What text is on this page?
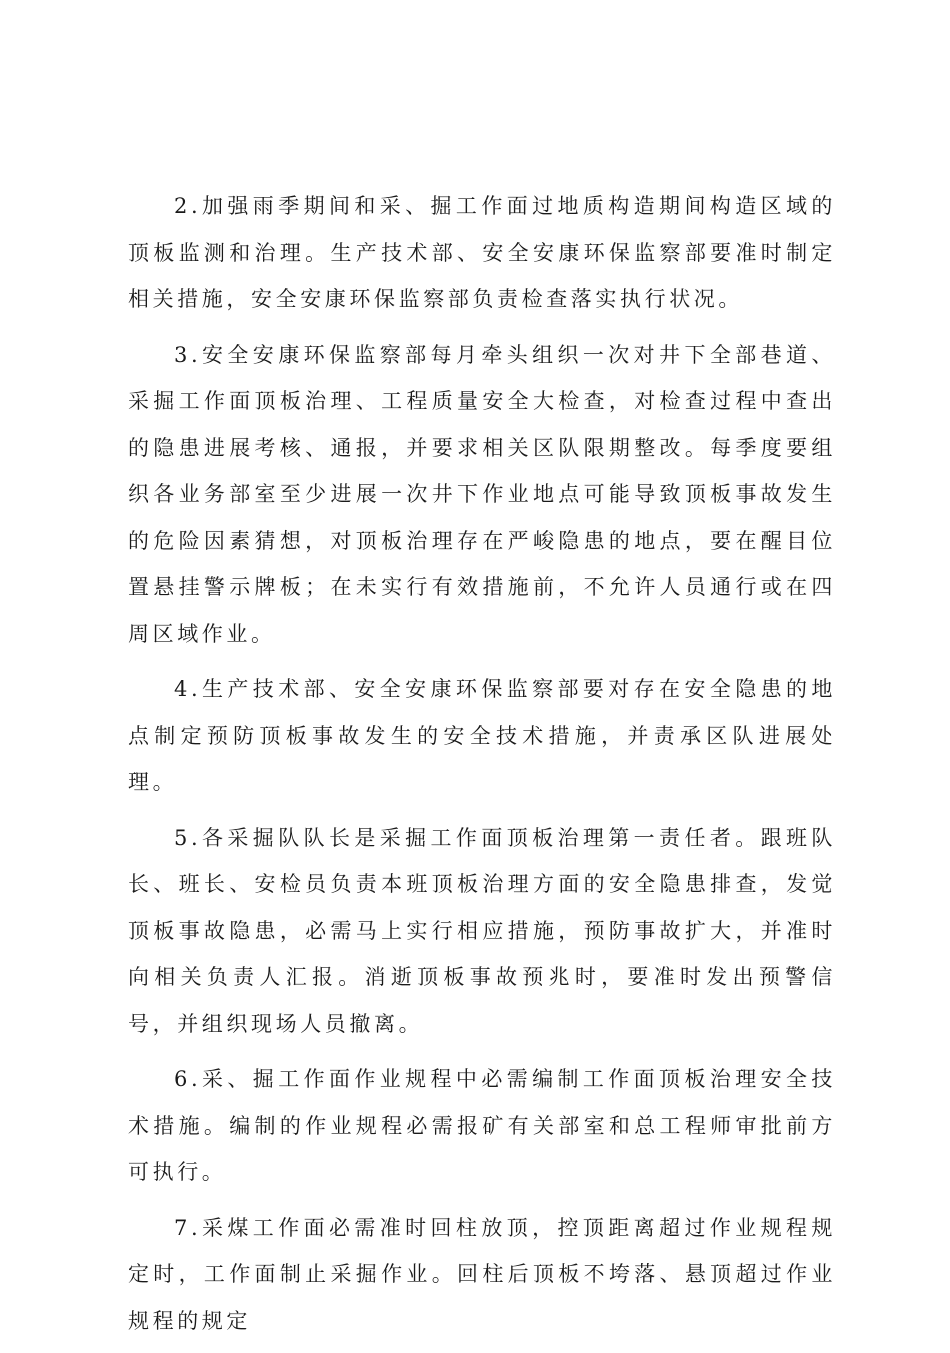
2.加强雨季期间和采、掘工作面过地质构造期间构造区域的顶板监测和治理。生产技术部、安全安康环保监察部要准时制定相关措施，安全安康环保监察部负责检查落实执行状况。

3.安全安康环保监察部每月牵头组织一次对井下全部巷道、采掘工作面顶板治理、工程质量安全大检查，对检查过程中查出的隐患进展考核、通报，并要求相关区队限期整改。每季度要组织各业务部室至少进展一次井下作业地点可能导致顶板事故发生的危险因素猜想，对顶板治理存在严峻隐患的地点，要在醒目位置悬挂警示牌板；在未实行有效措施前，不允许人员通行或在四周区域作业。

4.生产技术部、安全安康环保监察部要对存在安全隐患的地点制定预防顶板事故发生的安全技术措施，并责承区队进展处理。

5.各采掘队队长是采掘工作面顶板治理第一责任者。跟班队长、班长、安检员负责本班顶板治理方面的安全隐患排查，发觉顶板事故隐患，必需马上实行相应措施，预防事故扩大，并准时向相关负责人汇报。消逝顶板事故预兆时，要准时发出预警信号，并组织现场人员撤离。

6.采、掘工作面作业规程中必需编制工作面顶板治理安全技术措施。编制的作业规程必需报矿有关部室和总工程师审批前方可执行。

7.采煤工作面必需准时回柱放顶，控顶距离超过作业规程规定时，工作面制止采掘作业。回柱后顶板不垮落、悬顶超过作业规程的规定
